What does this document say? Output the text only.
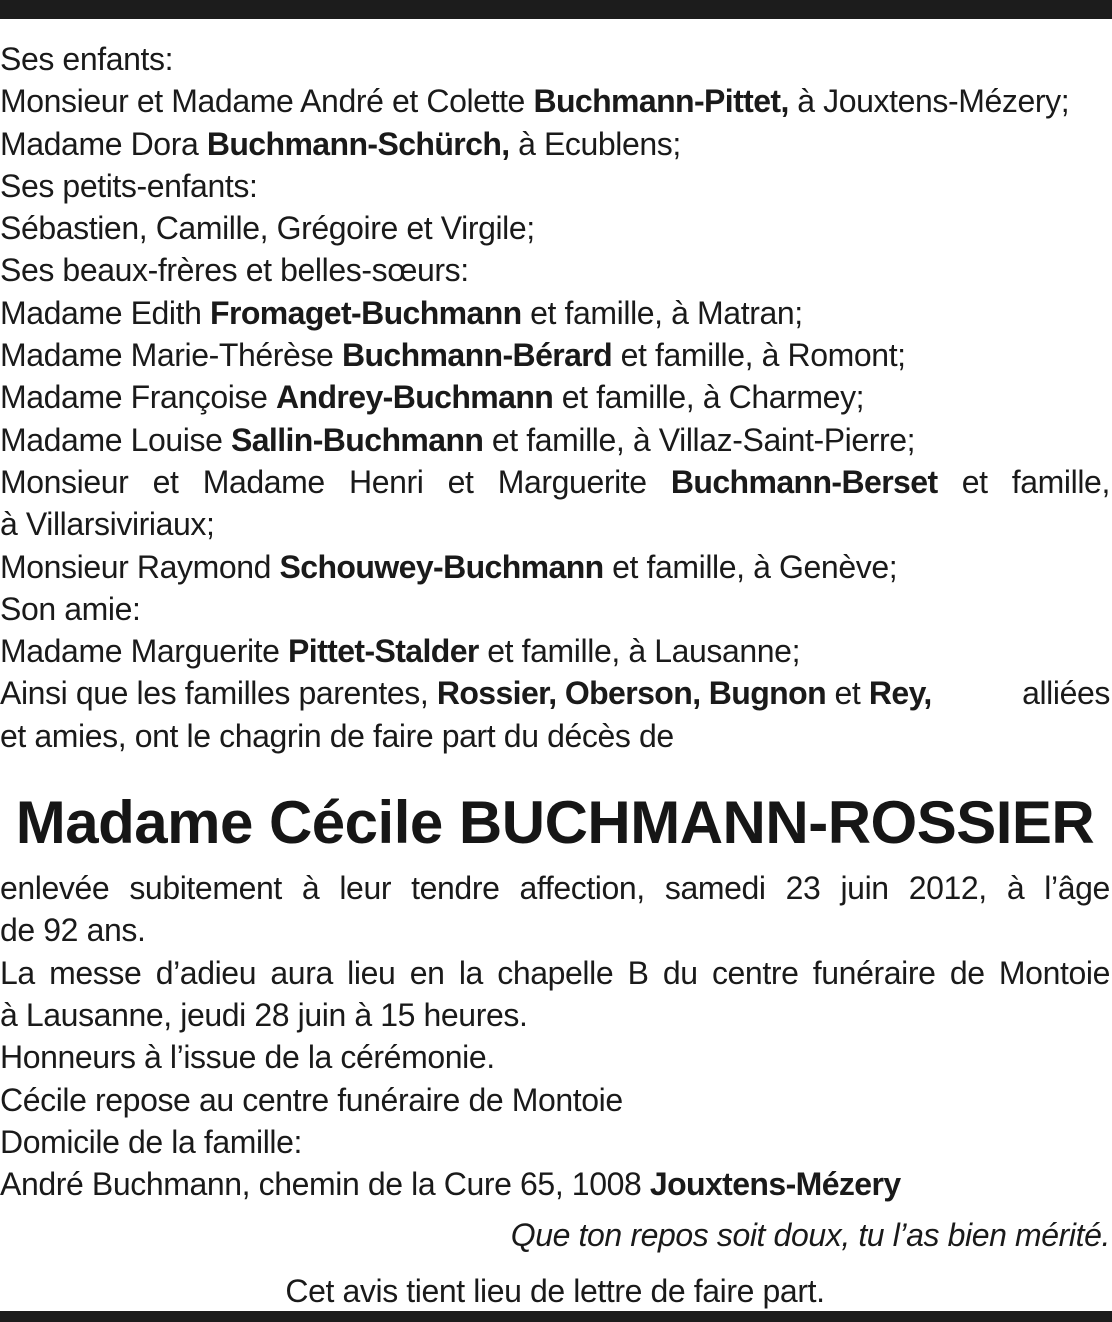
Ses enfants:
Monsieur et Madame André et Colette Buchmann-Pittet, à Jouxtens-Mézery;
Madame Dora Buchmann-Schürch, à Ecublens;
Ses petits-enfants:
Sébastien, Camille, Grégoire et Virgile;
Ses beaux-frères et belles-sœurs:
Madame Edith Fromaget-Buchmann et famille, à Matran;
Madame Marie-Thérèse Buchmann-Bérard et famille, à Romont;
Madame Françoise Andrey-Buchmann et famille, à Charmey;
Madame Louise Sallin-Buchmann et famille, à Villaz-Saint-Pierre;
Monsieur et Madame Henri et Marguerite Buchmann-Berset et famille,
à Villarsiviriaux;
Monsieur Raymond Schouwey-Buchmann et famille, à Genève;
Son amie:
Madame Marguerite Pittet-Stalder et famille, à Lausanne;
Ainsi que les familles parentes, Rossier, Oberson, Bugnon et Rey,	alliées
et amies, ont le chagrin de faire part du décès de
Madame Cécile BUCHMANN-ROSSIER
enlevée subitement à leur tendre affection, samedi 23 juin 2012, à l’âge
de 92 ans.
La messe d’adieu aura lieu en la chapelle B du centre funéraire de Montoie
à Lausanne, jeudi 28 juin à 15 heures.
Honneurs à l’issue de la cérémonie.
Cécile repose au centre funéraire de Montoie
Domicile de la famille:
André Buchmann, chemin de la Cure 65, 1008 Jouxtens-Mézery
Que ton repos soit doux, tu l’as bien mérité.
Cet avis tient lieu de lettre de faire part.
